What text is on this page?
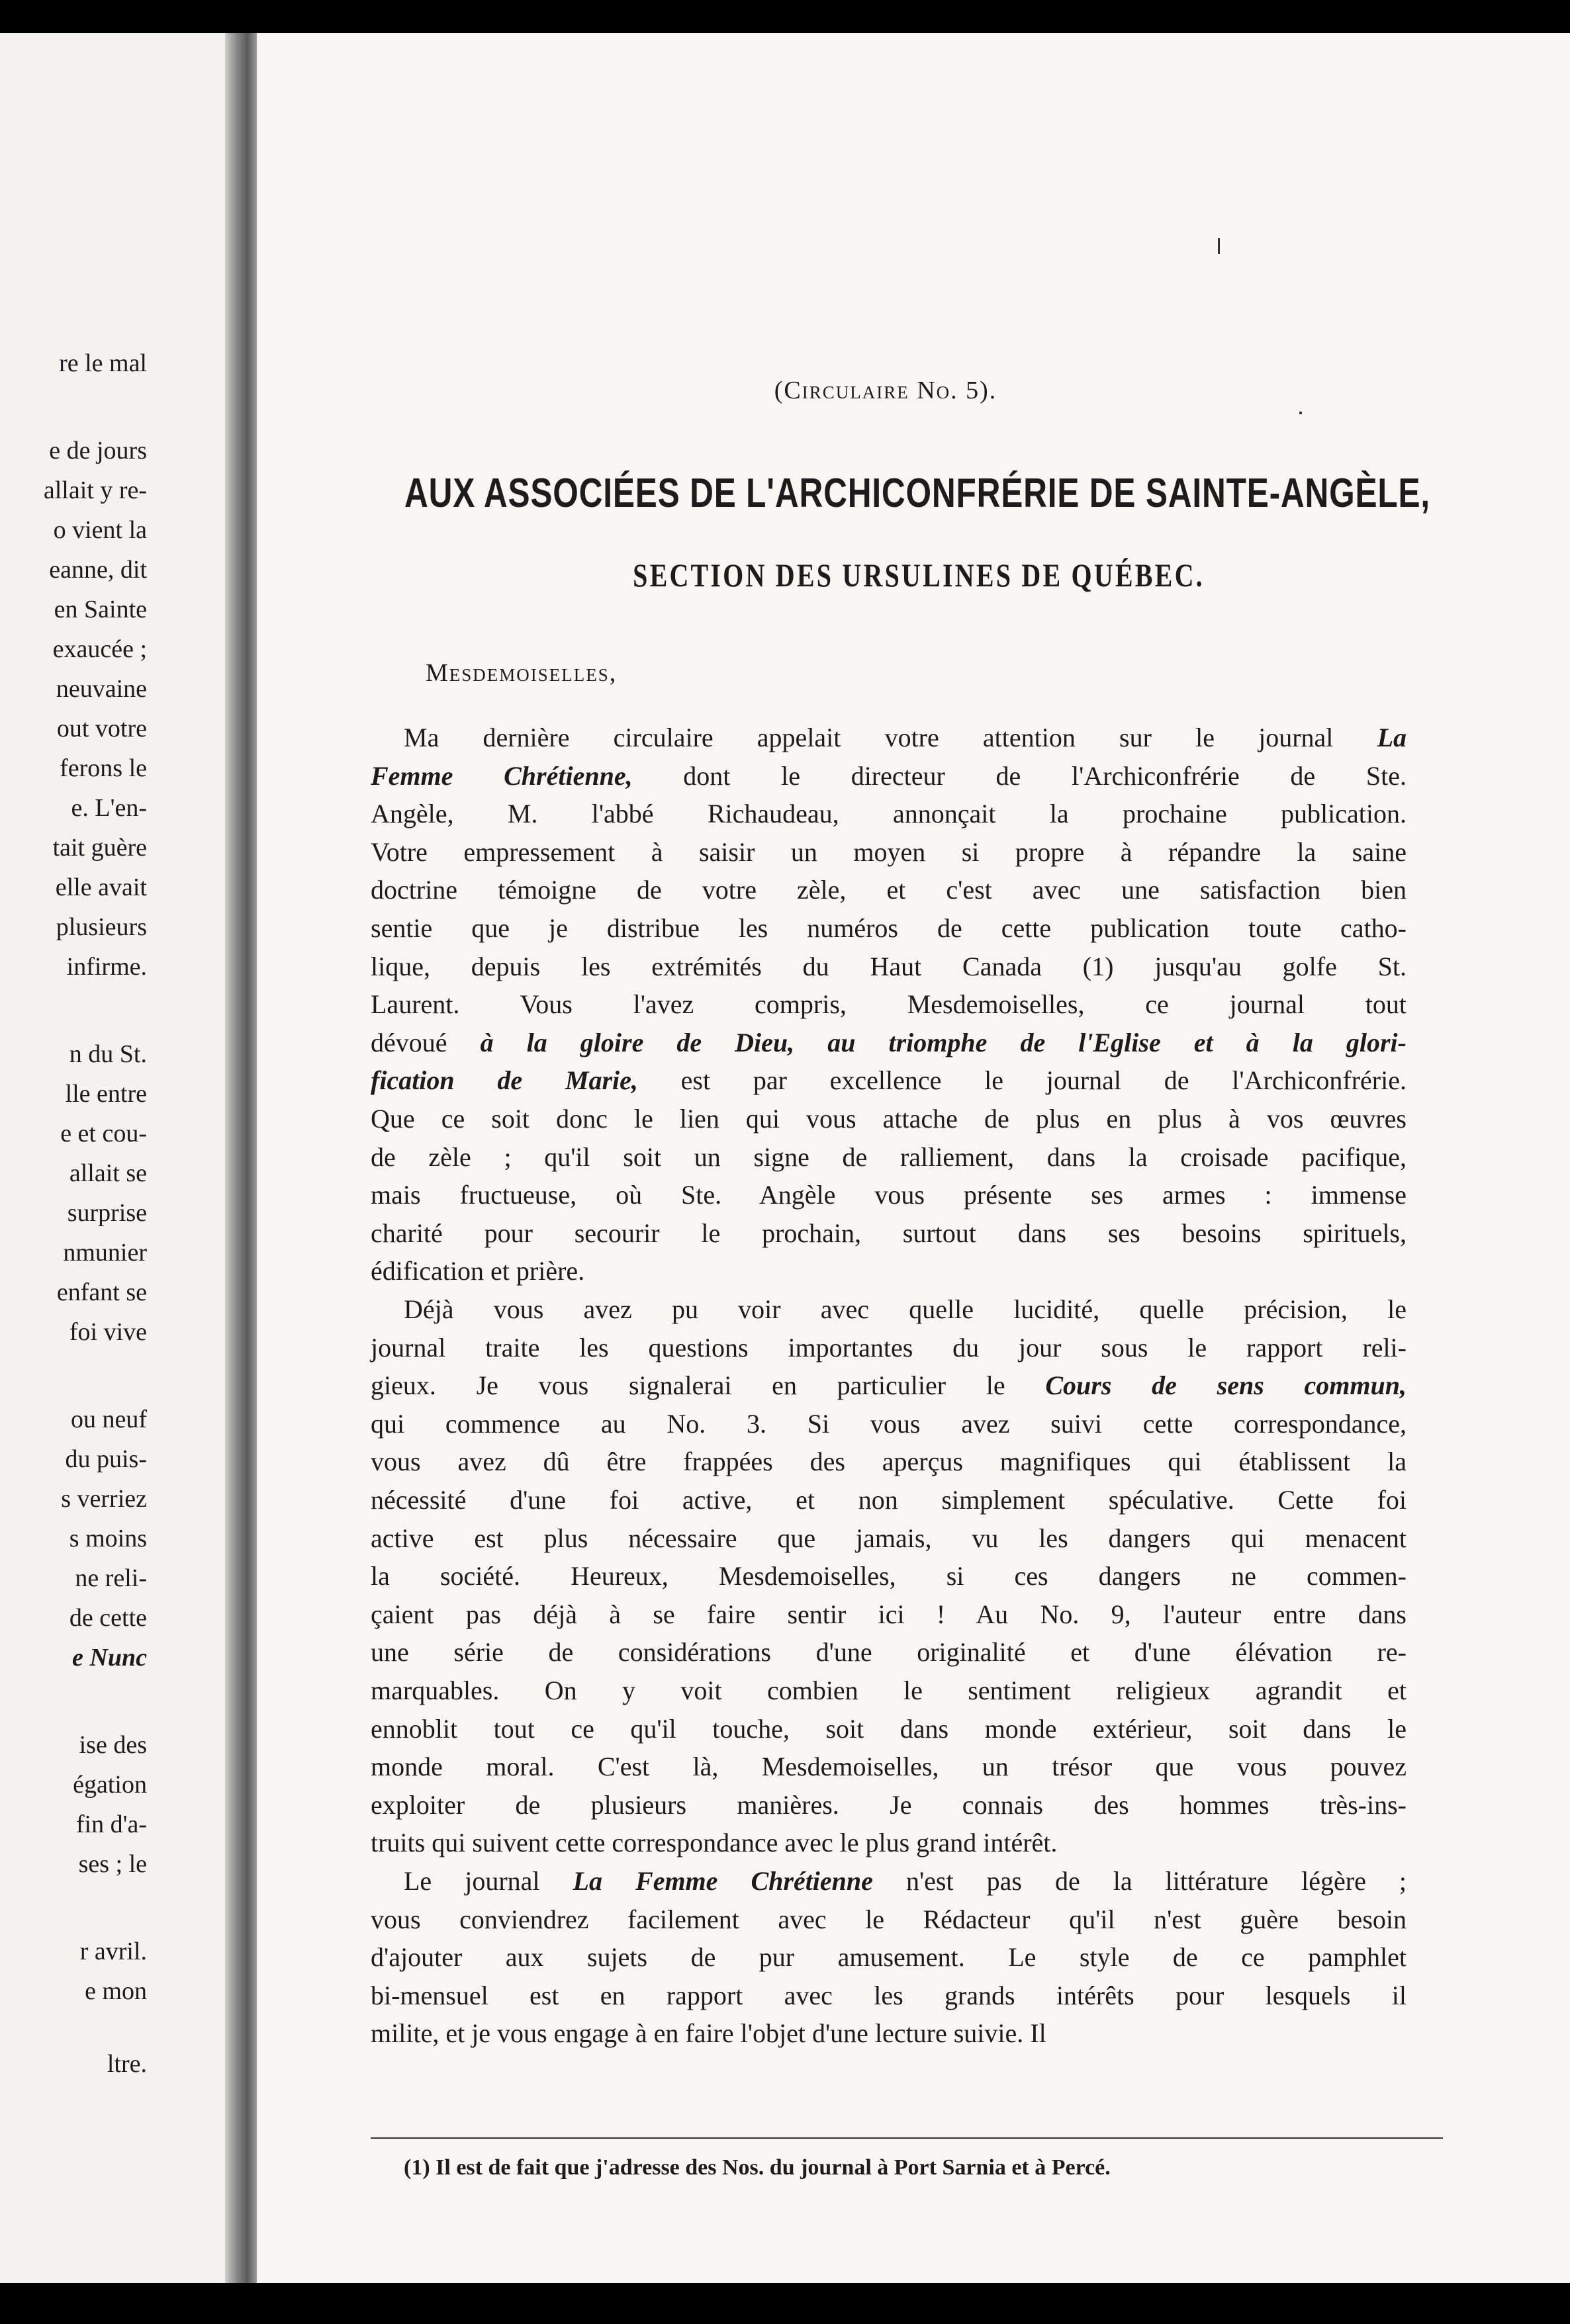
re le mal
e de jours
allait y re-
o vient la
eanne, dit
en Sainte
exaucée ;
neuvaine
out votre
ferons le
e. L'en-
tait guère
elle avait
plusieurs
infirme.
n du St.
lle entre
e et cou-
allait se
surprise
nmunier
enfant se
foi vive
ou neuf
du puis-
s verriez
s moins
ne reli-
de cette
e Nunc
ise des
égation
fin d'a-
ses ; le
r avril.
e mon
ltre.
(Circulaire No. 5).
AUX ASSOCIÉES DE L'ARCHICONFRÉRIE DE SAINTE-ANGÈLE,
SECTION DES URSULINES DE QUÉBEC.
Mesdemoiselles,
Ma dernière circulaire appelait votre attention sur le journal La
Femme Chrétienne, dont le directeur de l'Archiconfrérie de Ste.
Angèle, M. l'abbé Richaudeau, annonçait la prochaine publication.
Votre empressement à saisir un moyen si propre à répandre la saine
doctrine témoigne de votre zèle, et c'est avec une satisfaction bien
sentie que je distribue les numéros de cette publication toute catho-
lique, depuis les extrémités du Haut Canada (1) jusqu'au golfe St.
Laurent. Vous l'avez compris, Mesdemoiselles, ce journal tout
dévoué à la gloire de Dieu, au triomphe de l'Eglise et à la glori-
fication de Marie, est par excellence le journal de l'Archiconfrérie.
Que ce soit donc le lien qui vous attache de plus en plus à vos œuvres
de zèle ; qu'il soit un signe de ralliement, dans la croisade pacifique,
mais fructueuse, où Ste. Angèle vous présente ses armes : immense
charité pour secourir le prochain, surtout dans ses besoins spirituels,
édification et prière.
Déjà vous avez pu voir avec quelle lucidité, quelle précision, le
journal traite les questions importantes du jour sous le rapport reli-
gieux. Je vous signalerai en particulier le Cours de sens commun,
qui commence au No. 3. Si vous avez suivi cette correspondance,
vous avez dû être frappées des aperçus magnifiques qui établissent la
nécessité d'une foi active, et non simplement spéculative. Cette foi
active est plus nécessaire que jamais, vu les dangers qui menacent
la société. Heureux, Mesdemoiselles, si ces dangers ne commen-
çaient pas déjà à se faire sentir ici ! Au No. 9, l'auteur entre dans
une série de considérations d'une originalité et d'une élévation re-
marquables. On y voit combien le sentiment religieux agrandit et
ennoblit tout ce qu'il touche, soit dans monde extérieur, soit dans le
monde moral. C'est là, Mesdemoiselles, un trésor que vous pouvez
exploiter de plusieurs manières. Je connais des hommes très-ins-
truits qui suivent cette correspondance avec le plus grand intérêt.
Le journal La Femme Chrétienne n'est pas de la littérature légère ;
vous conviendrez facilement avec le Rédacteur qu'il n'est guère besoin
d'ajouter aux sujets de pur amusement. Le style de ce pamphlet
bi-mensuel est en rapport avec les grands intérêts pour lesquels il
milite, et je vous engage à en faire l'objet d'une lecture suivie. Il
(1) Il est de fait que j'adresse des Nos. du journal à Port Sarnia et à Percé.
